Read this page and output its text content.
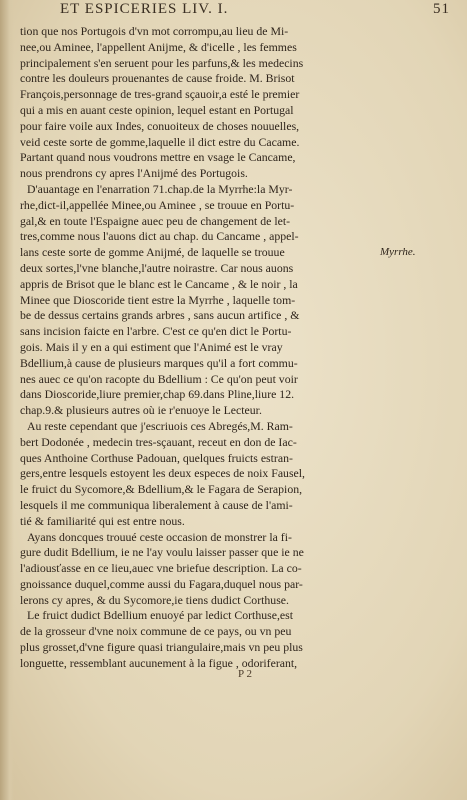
ET ESPICERIES LIV. I.	51
tion que nos Portugois d'vn mot corrompu,au lieu de Mi-
nee,ou Aminee, l'appellent Anijme, & d'icelle , les femmes
principalement s'en seruent pour les parfuns,& les medecins
contre les douleurs prouenantes de cause froide. M. Brisot
François,personnage de tres-grand sçauoir,a esté le premier
qui a mis en auant ceste opinion, lequel estant en Portugal
pour faire voile aux Indes, conuoiteux de choses nouuelles,
veid ceste sorte de gomme,laquelle il dict estre du Cacame.
Partant quand nous voudrons mettre en vsage le Cancame,
nous prendrons cy apres l'Anijmé des Portugois.
D'auantage en l'enarration 71.chap.de la Myrrhe:la Myr-
rhe,dict-il,appellée Minee,ou Aminee , se trouue en Portu-
gal,& en toute l'Espaigne auec peu de changement de let-
tres,comme nous l'auons dict au chap. du Cancame , appel-
lans ceste sorte de gomme Anijmé, de laquelle se trouue
deux sortes,l'vne blanche,l'autre noirastre. Car nous auons
appris de Brisot que le blanc est le Cancame , & le noir , la
Minee que Dioscoride tient estre la Myrrhe , laquelle tom-
be de dessus certains grands arbres , sans aucun artifice , &
sans incision faicte en l'arbre. C'est ce qu'en dict le Portu-
gois. Mais il y en a qui estiment que l'Animé est le vray
Bdellium,à cause de plusieurs marques qu'il a fort commu-
nes auec ce qu'on racopte du Bdellium : Ce qu'on peut voir
dans Dioscoride,liure premier,chap 69.dans Pline,liure 12.
chap.9.& plusieurs autres où ie r'enuoye le Lecteur.
Au reste cependant que j'escriuois ces Abregés,M. Ram-
bert Dodonée , medecin tres-sçauant, receut en don de Iac-
ques Anthoine Corthuse Padouan, quelques fruicts estran-
gers,entre lesquels estoyent les deux especes de noix Fausel,
le fruict du Sycomore,& Bdellium,& le Fagara de Serapion,
lesquels il me communiqua liberalement à cause de l'ami-
tié & familiarité qui est entre nous.
Ayans doncques trouué ceste occasion de monstrer la fi-
gure dudit Bdellium, ie ne l'ay voulu laisser passer que ie ne
l'adiousťasse en ce lieu,auec vne briefue description. La co-
gnoissance duquel,comme aussi du Fagara,duquel nous par-
lerons cy apres, & du Sycomore,ie tiens dudict Corthuse.
Le fruict dudict Bdellium enuoyé par ledict Corthuse,est
de la grosseur d'vne noix commune de ce pays, ou vn peu
plus grosset,d'vne figure quasi triangulaire,mais vn peu plus
longuette, ressemblant aucunement à la figue , odoriferant,
Myrrhe.
P 2
